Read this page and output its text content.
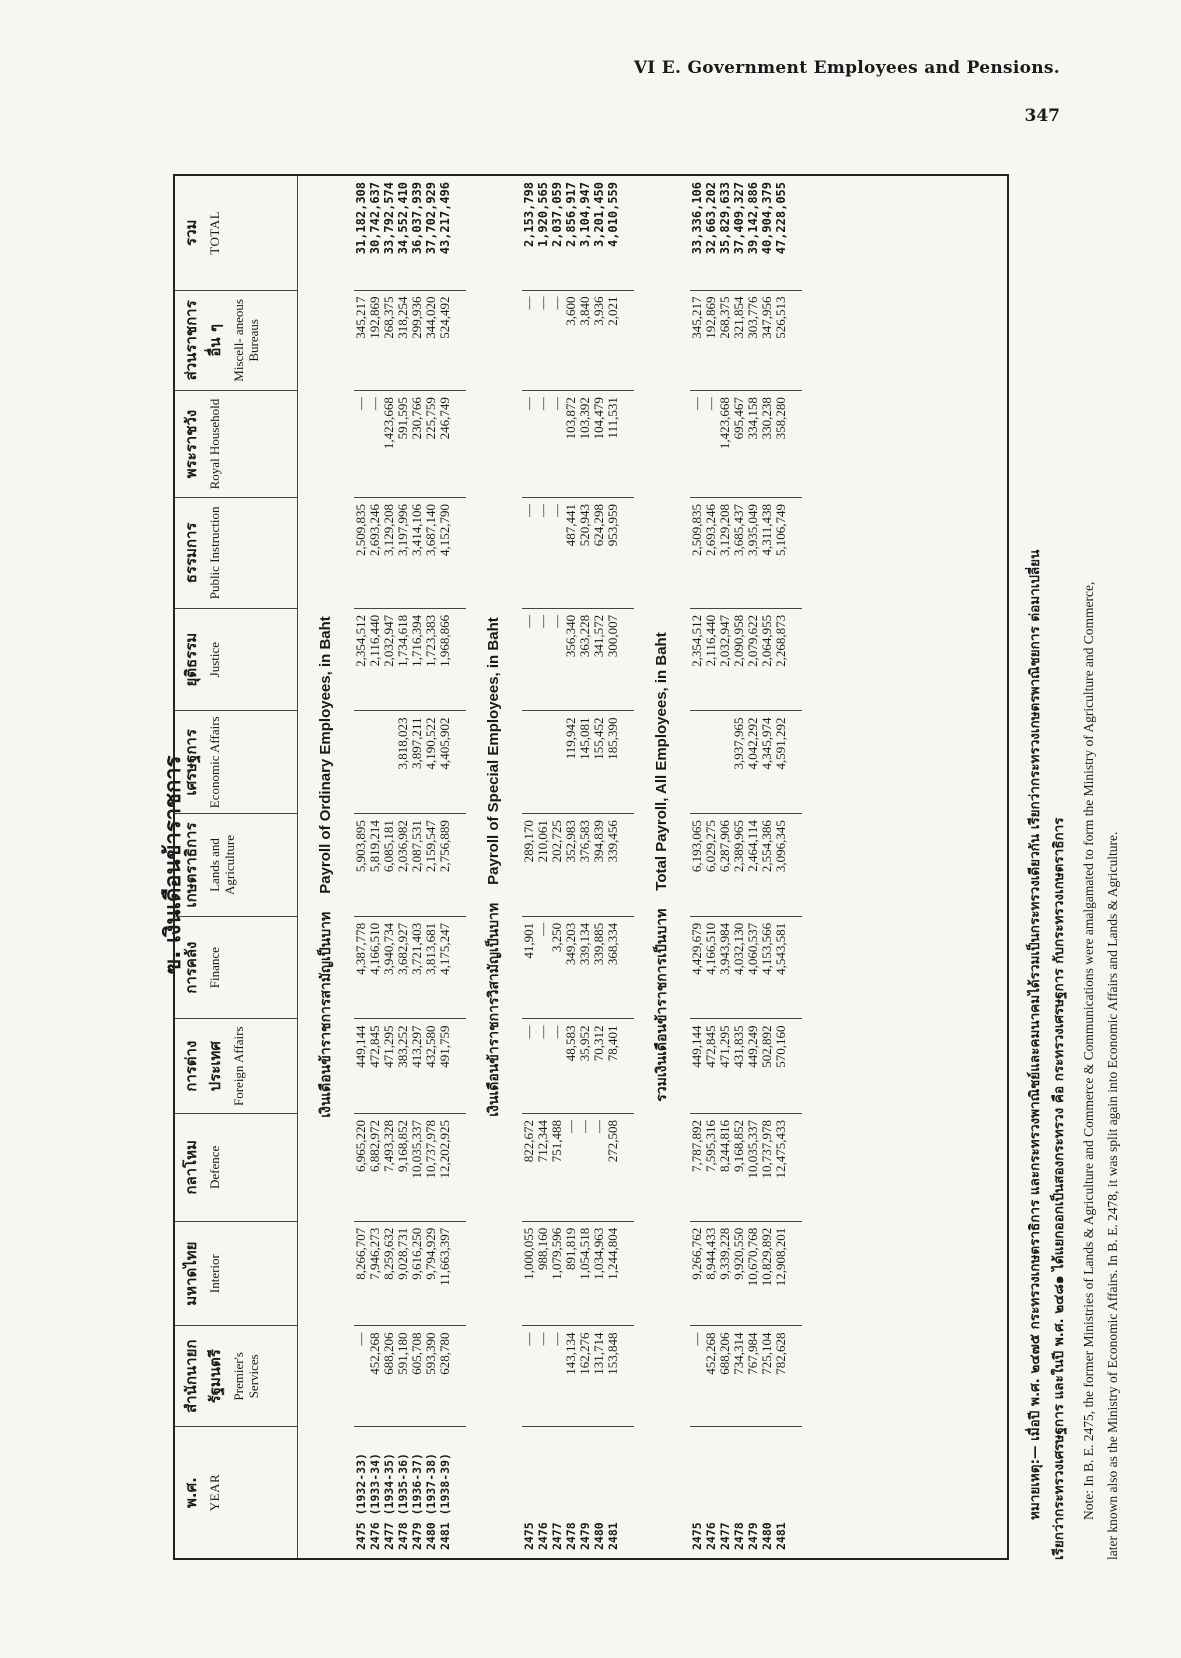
VI E. Government Employees and Pensions.
347
ฃ. เงินเดือนข้าราชการ
พ.ศ. YEAR	สำนักนายก รัฐมนตรี Premier's Services	มหาดไทย Interior	กลาโหม Defence	การต่าง ประเทศ Foreign Affairs	การคลัง Finance	เกษตราธิการ Lands and Agriculture	เศรษฐการ Economic Affairs	ยุติธรรม Justice	ธรรมการ Public Instruction	พระราชวัง Royal Household	ส่วนราชการ อื่น ๆ Miscell- aneous Bureaus	รวม TOTAL

เงินเดือนข้าราชการสามัญเป็นบาทPayroll of Ordinary Employees, in Baht												
2475 (1932-33)	—	8,266,707	6,965,220	449,144	4,387,778	5,903,895		2,354,512	2,509,835	—	345,217	31,182,308
2476 (1933-34)	452,268	7,946,273	6,882,972	472,845	4,166,510	5,819,214		2,116,440	2,693,246	—	192,869	30,742,637
2477 (1934-35)	688,206	8,259,632	7,493,328	471,295	3,940,734	6,085,181		2,032,947	3,129,208	1,423,668	268,375	33,792,574
2478 (1935-36)	591,180	9,028,731	9,168,852	383,252	3,682,927	2,036,982	3,818,023	1,734,618	3,197,996	591,595	318,254	34,552,410
2479 (1936-37)	605,708	9,616,250	10,035,337	413,297	3,721,403	2,087,531	3,897,211	1,716,394	3,414,106	230,766	299,936	36,037,939
2480 (1937-38)	593,390	9,794,929	10,737,978	432,580	3,813,681	2,159,547	4,190,522	1,723,383	3,687,140	225,759	344,020	37,702,929
2481 (1938-39)	628,780	11,663,397	12,202,925	491,759	4,175,247	2,756,889	4,405,902	1,968,866	4,152,790	246,749	524,492	43,217,496

เงินเดือนข้าราชการวิสามัญเป็นบาทPayroll of Special Employees, in Baht												
2475	—	1,000,055	822,672	—	41,901	289,170		—	—	—	—	2,153,798
2476	—	988,160	712,344	—	—	210,061		—	—	—	—	1,920,565
2477	—	1,079,596	751,488	—	3,250	202,725		—	—	—	—	2,037,059
2478	143,134	891,819	—	48,583	349,203	352,983	119,942	356,340	487,441	103,872	3,600	2,856,917
2479	162,276	1,054,518	—	35,952	339,134	376,583	145,081	363,228	520,943	103,392	3,840	3,104,947
2480	131,714	1,034,963	—	70,312	339,885	394,839	155,452	341,572	624,298	104,479	3,936	3,201,450
2481	153,848	1,244,804	272,508	78,401	368,334	339,456	185,390	300,007	953,959	111,531	2,021	4,010,559

รวมเงินเดือนข้าราชการเป็นบาทTotal Payroll, All Employees, in Baht												
2475	—	9,266,762	7,787,892	449,144	4,429,679	6,193,065		2,354,512	2,509,835	—	345,217	33,336,106
2476	452,268	8,944,433	7,595,316	472,845	4,166,510	6,029,275		2,116,440	2,693,246	—	192,869	32,663,202
2477	688,206	9,339,228	8,244,816	471,295	3,943,984	6,287,906		2,032,947	3,129,208	1,423,668	268,375	35,829,633
2478	734,314	9,920,550	9,168,852	431,835	4,032,130	2,389,965	3,937,965	2,090,958	3,685,437	695,467	321,854	37,409,327
2479	767,984	10,670,768	10,035,337	449,249	4,060,537	2,464,114	4,042,292	2,079,622	3,935,049	334,158	303,776	39,142,886
2480	725,104	10,829,892	10,737,978	502,892	4,153,566	2,554,386	4,345,974	2,064,955	4,311,438	330,238	347,956	40,904,379
2481	782,628	12,908,201	12,475,433	570,160	4,543,581	3,096,345	4,591,292	2,268,873	5,106,749	358,280	526,513	47,228,055

หมายเหตุ:— เมื่อปี พ.ศ. ๒๔๗๕ กระทรวงเกษตราธิการ และกระทรวงพาณิชย์และคมนาคมได้รวมเป็นกระทรวงเดียวกัน เรียกว่ากระทรวงเกษตรพาณิชยการ ต่อมาเปลี่ยน เรียกว่ากระทรวงเศรษฐการ และในปี พ.ศ. ๒๔๘๑ ได้แยกออกเป็นสองกระทรวง คือ กระทรวงเศรษฐการ กับกระทรวงเกษตราธิการ Note: In B. E. 2475, the former Ministries of Lands & Agriculture and Commerce & Communications were amalgamated to form the Ministry of Agriculture and Commerce, later known also as the Ministry of Economic Affairs. In B. E. 2478, it was split again into Economic Affairs and Lands & Agriculture.
